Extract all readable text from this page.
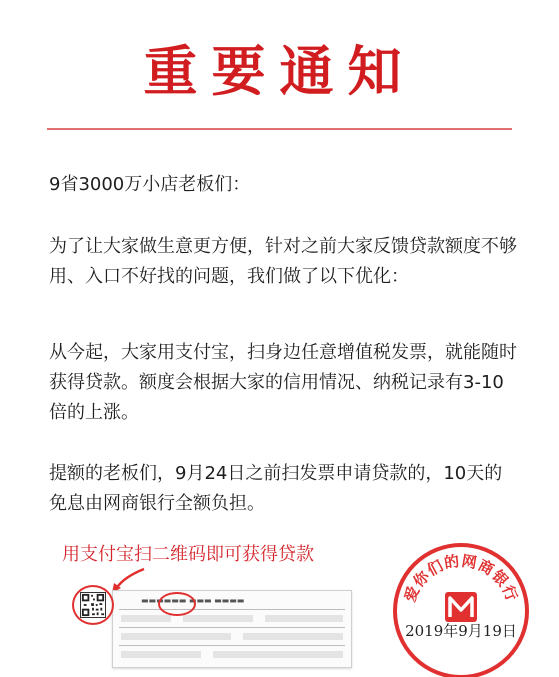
重要通知
9省3000万小店老板们：
为了让大家做生意更方便，针对之前大家反馈贷款额度不够用、入口不好找的问题，我们做了以下优化：
从今起，大家用支付宝，扫身边任意增值税发票，就能随时获得贷款。额度会根据大家的信用情况、纳税记录有3-10倍的上涨。
提额的老板们，9月24日之前扫发票申请贷款的，10天的免息由网商银行全额负担。
用支付宝扫二维码即可获得贷款
▬▬▬▬▬▬ ▬▬▬ ▬▬▬▬	爱你们的网商银行
2019年9月19日
